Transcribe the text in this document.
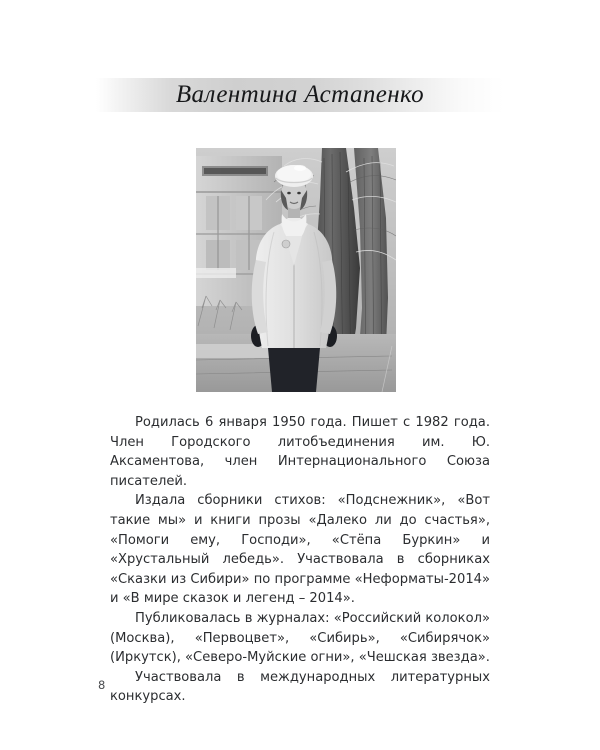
Валентина Астапенко

Родилась 6 января 1950 года. Пишет с 1982 года. Член Городского литобъединения им. Ю. Аксаментова, член Интернационального Союза писателей.

Издала сборники стихов: «Подснежник», «Вот такие мы» и книги прозы «Далеко ли до счастья», «Помоги ему, Господи», «Стёпа Буркин» и «Хрустальный лебедь». Участвовала в сборниках «Сказки из Сибири» по программе «Неформаты-2014» и «В мире сказок и легенд – 2014».

Публиковалась в журналах: «Российский колокол» (Москва), «Первоцвет», «Сибирь», «Сибирячок» (Иркутск), «Северо-Муйские огни», «Чешская звезда».

Участвовала в международных литературных конкурсах.

8
